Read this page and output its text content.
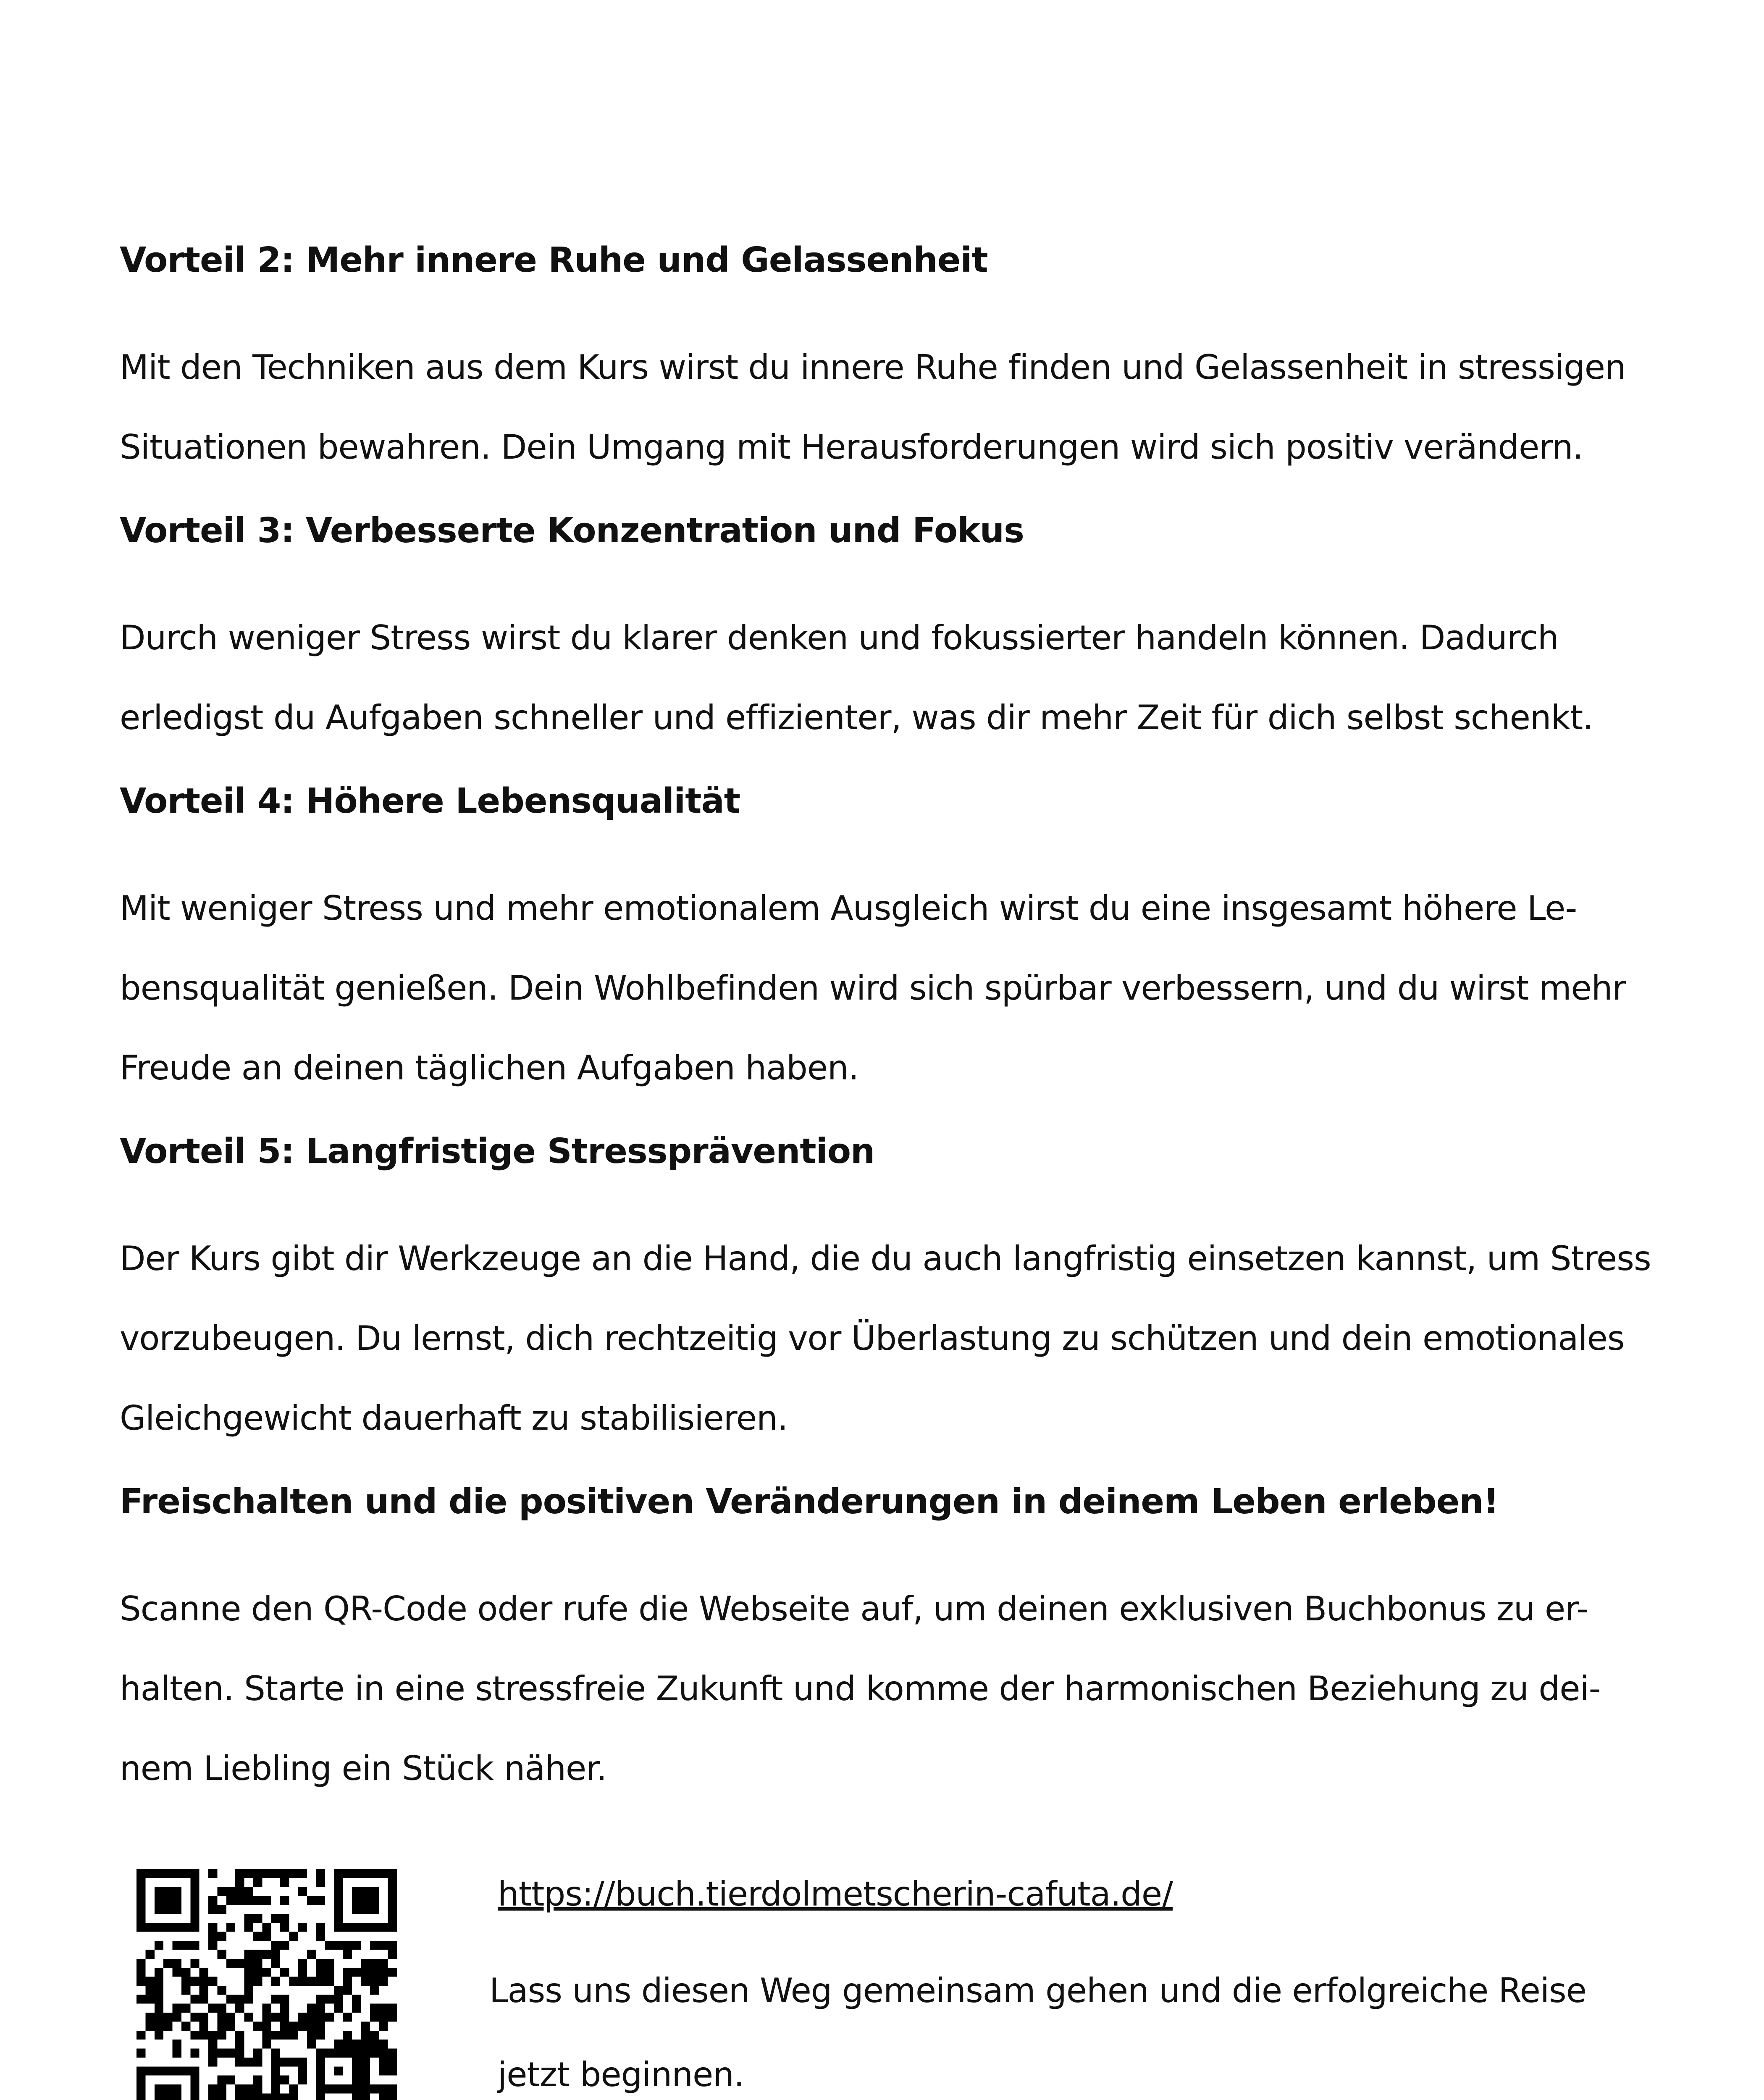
Vorteil 2: Mehr innere Ruhe und Gelassenheit

Mit den Techniken aus dem Kurs wirst du innere Ruhe finden und Gelassenheit in stressigen
Situationen bewahren. Dein Umgang mit Herausforderungen wird sich positiv verändern.

Vorteil 3: Verbesserte Konzentration und Fokus

Durch weniger Stress wirst du klarer denken und fokussierter handeln können. Dadurch
erledigst du Aufgaben schneller und effizienter, was dir mehr Zeit für dich selbst schenkt.

Vorteil 4: Höhere Lebensqualität

Mit weniger Stress und mehr emotionalem Ausgleich wirst du eine insgesamt höhere Le-
bensqualität genießen. Dein Wohlbefinden wird sich spürbar verbessern, und du wirst mehr
Freude an deinen täglichen Aufgaben haben.

Vorteil 5: Langfristige Stressprävention

Der Kurs gibt dir Werkzeuge an die Hand, die du auch langfristig einsetzen kannst, um Stress
vorzubeugen. Du lernst, dich rechtzeitig vor Überlastung zu schützen und dein emotionales
Gleichgewicht dauerhaft zu stabilisieren.

Freischalten und die positiven Veränderungen in deinem Leben erleben!

Scanne den QR-Code oder rufe die Webseite auf, um deinen exklusiven Buchbonus zu er-
halten. Starte in eine stressfreie Zukunft und komme der harmonischen Beziehung zu dei-
nem Liebling ein Stück näher.

https://buch.tierdolmetscherin-cafuta.de/
Lass uns diesen Weg gemeinsam gehen und die erfolgreiche Reise
jetzt beginnen.
